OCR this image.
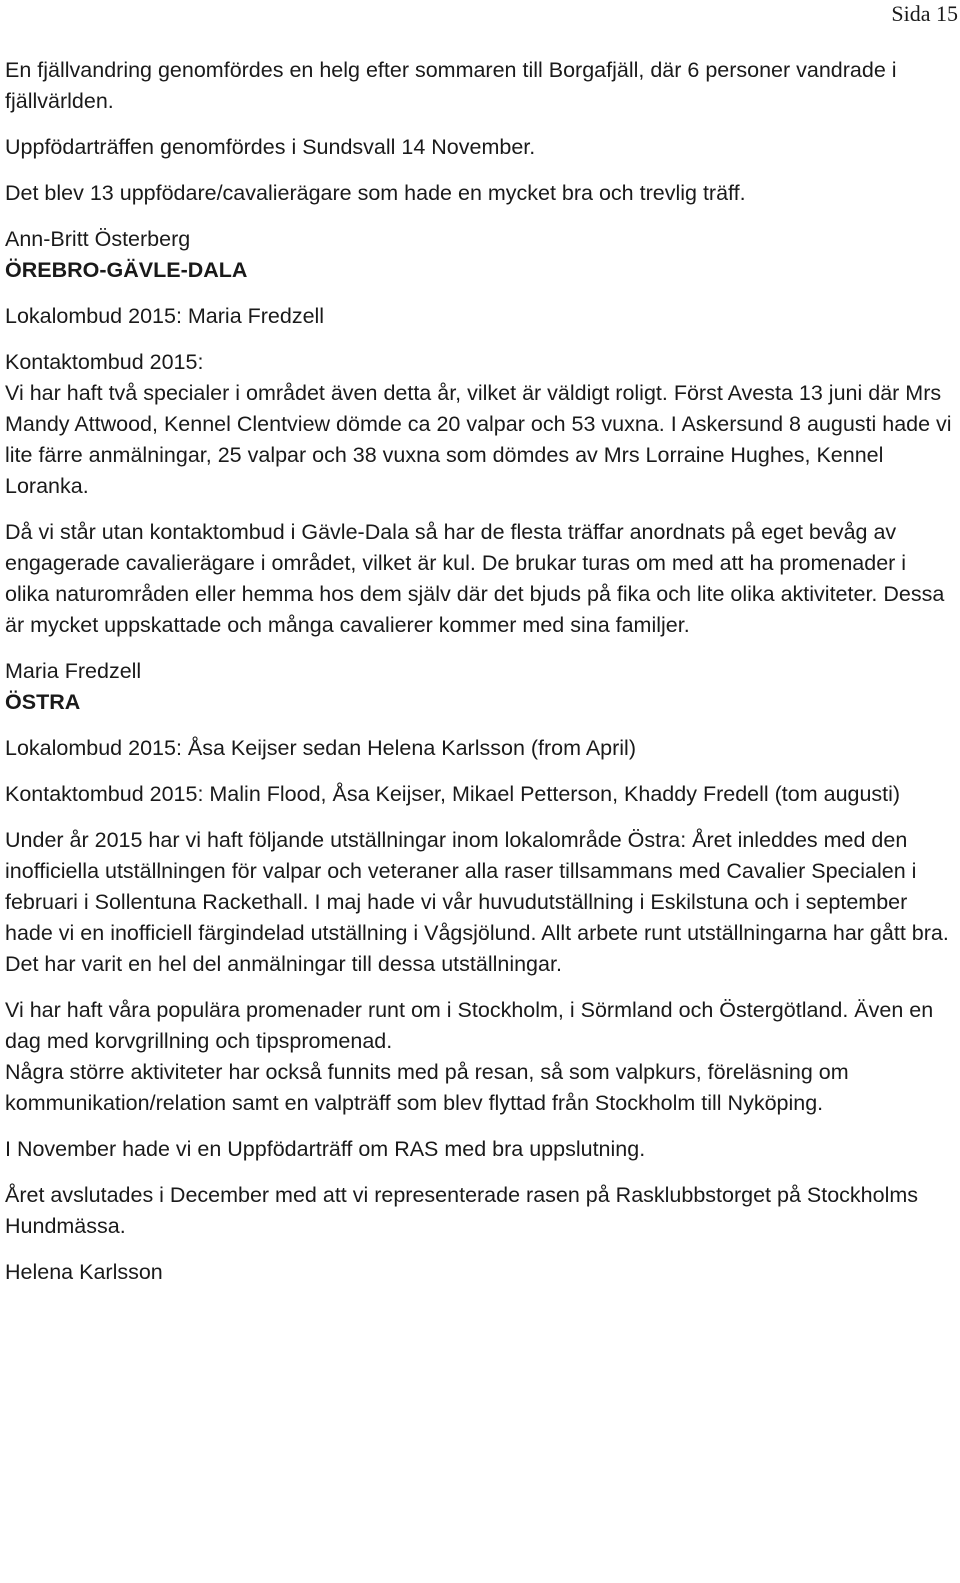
Sida 15

En fjällvandring genomfördes en helg efter sommaren till Borgafjäll, där 6 personer vandrade i fjällvärlden.

Uppfödarträffen genomfördes i Sundsvall 14 November.

Det blev 13 uppfödare/cavalierägare som hade en mycket bra och trevlig träff.

Ann-Britt Österberg

ÖREBRO-GÄVLE-DALA

Lokalombud 2015: Maria Fredzell

Kontaktombud 2015:

Vi har haft två specialer i området även detta år, vilket är väldigt roligt. Först Avesta 13 juni där Mrs Mandy Attwood, Kennel Clentview dömde ca 20 valpar och 53 vuxna. I Askersund 8 augusti hade vi lite färre anmälningar, 25 valpar och 38 vuxna som dömdes av Mrs Lorraine Hughes, Kennel Loranka.

Då vi står utan kontaktombud i Gävle-Dala så har de flesta träffar anordnats på eget bevåg av engagerade cavalierägare i området, vilket är kul. De brukar turas om med att ha promenader i olika naturområden eller hemma hos dem själv där det bjuds på fika och lite olika aktiviteter. Dessa är mycket uppskattade och många cavalierer kommer med sina familjer.

Maria Fredzell

ÖSTRA

Lokalombud 2015: Åsa Keijser sedan Helena Karlsson (from April)

Kontaktombud 2015: Malin Flood, Åsa Keijser, Mikael Petterson, Khaddy Fredell (tom augusti)

Under år 2015 har vi haft följande utställningar inom lokalområde Östra: Året inleddes med den inofficiella utställningen för valpar och veteraner alla raser tillsammans med Cavalier Specialen i februari i Sollentuna Rackethall. I maj hade vi vår huvudutställning i Eskilstuna och i september hade vi en inofficiell färgindelad utställning i Vågsjölund. Allt arbete runt utställningarna har gått bra. Det har varit en hel del anmälningar till dessa utställningar.

Vi har haft våra populära promenader runt om i Stockholm, i Sörmland och Östergötland. Även en dag med korvgrillning och tipspromenad.

Några större aktiviteter har också funnits med på resan, så som valpkurs, föreläsning om kommunikation/relation samt en valpträff som blev flyttad från Stockholm till Nyköping.

I November hade vi en Uppfödarträff om RAS med bra uppslutning.

Året avslutades i December med att vi representerade rasen på Rasklubbstorget på Stockholms Hundmässa.

Helena Karlsson
